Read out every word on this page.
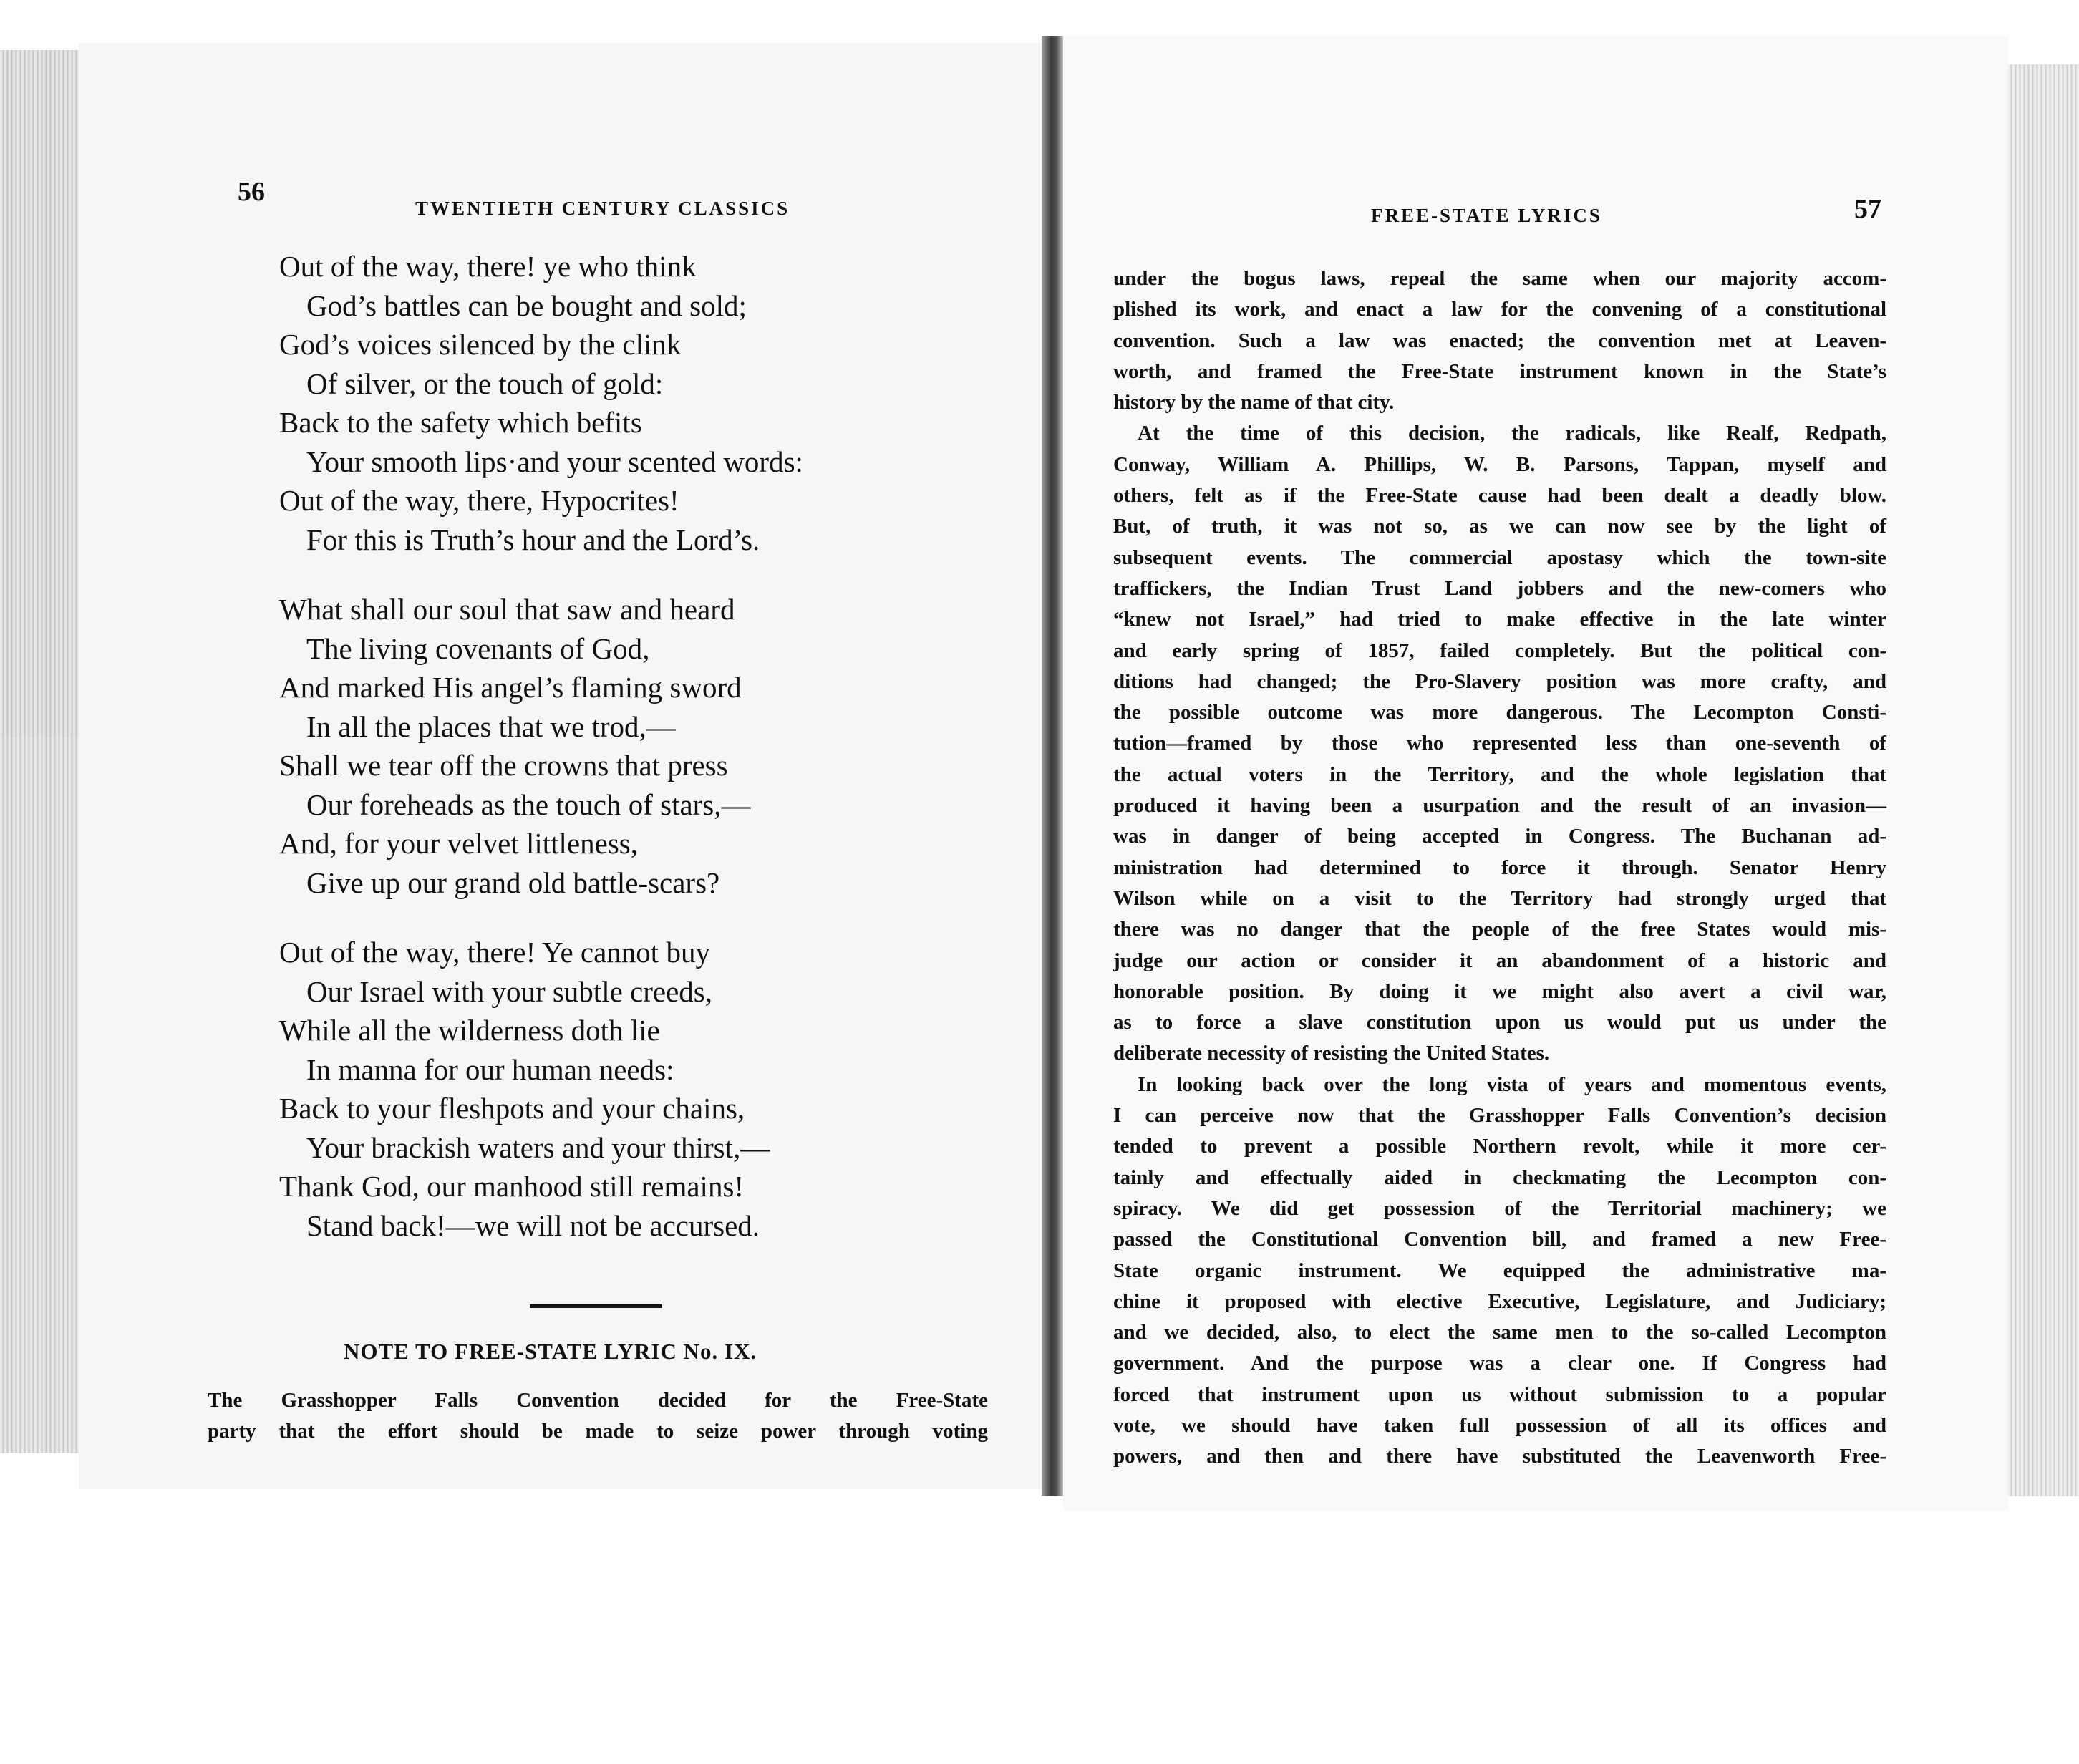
56
TWENTIETH CENTURY CLASSICS
Out of the way, there! ye who think
God’s battles can be bought and sold;
God’s voices silenced by the clink
Of silver, or the touch of gold:
Back to the safety which befits
Your smooth lips·and your scented words:
Out of the way, there, Hypocrites!
For this is Truth’s hour and the Lord’s.
What shall our soul that saw and heard
The living covenants of God,
And marked His angel’s flaming sword
In all the places that we trod,—
Shall we tear off the crowns that press
Our foreheads as the touch of stars,—
And, for your velvet littleness,
Give up our grand old battle-scars?
Out of the way, there! Ye cannot buy
Our Israel with your subtle creeds,
While all the wilderness doth lie
In manna for our human needs:
Back to your fleshpots and your chains,
Your brackish waters and your thirst,—
Thank God, our manhood still remains!
Stand back!—we will not be accursed.
NOTE TO FREE-STATE LYRIC No. IX.
The Grasshopper Falls Convention decided for the Free-State
party that the effort should be made to seize power through voting
FREE-STATE LYRICS	57
under the bogus laws, repeal the same when our majority accom-
plished its work, and enact a law for the convening of a constitutional
convention. Such a law was enacted; the convention met at Leaven-
worth, and framed the Free-State instrument known in the State’s
history by the name of that city.
At the time of this decision, the radicals, like Realf, Redpath,
Conway, William A. Phillips, W. B. Parsons, Tappan, myself and
others, felt as if the Free-State cause had been dealt a deadly blow.
But, of truth, it was not so, as we can now see by the light of
subsequent events. The commercial apostasy which the town-site
traffickers, the Indian Trust Land jobbers and the new-comers who
“knew not Israel,” had tried to make effective in the late winter
and early spring of 1857, failed completely. But the political con-
ditions had changed; the Pro-Slavery position was more crafty, and
the possible outcome was more dangerous. The Lecompton Consti-
tution—framed by those who represented less than one-seventh of
the actual voters in the Territory, and the whole legislation that
produced it having been a usurpation and the result of an invasion—
was in danger of being accepted in Congress. The Buchanan ad-
ministration had determined to force it through. Senator Henry
Wilson while on a visit to the Territory had strongly urged that
there was no danger that the people of the free States would mis-
judge our action or consider it an abandonment of a historic and
honorable position. By doing it we might also avert a civil war,
as to force a slave constitution upon us would put us under the
deliberate necessity of resisting the United States.
In looking back over the long vista of years and momentous events,
I can perceive now that the Grasshopper Falls Convention’s decision
tended to prevent a possible Northern revolt, while it more cer-
tainly and effectually aided in checkmating the Lecompton con-
spiracy. We did get possession of the Territorial machinery; we
passed the Constitutional Convention bill, and framed a new Free-
State organic instrument. We equipped the administrative ma-
chine it proposed with elective Executive, Legislature, and Judiciary;
and we decided, also, to elect the same men to the so-called Lecompton
government. And the purpose was a clear one. If Congress had
forced that instrument upon us without submission to a popular
vote, we should have taken full possession of all its offices and
powers, and then and there have substituted the Leavenworth Free-
